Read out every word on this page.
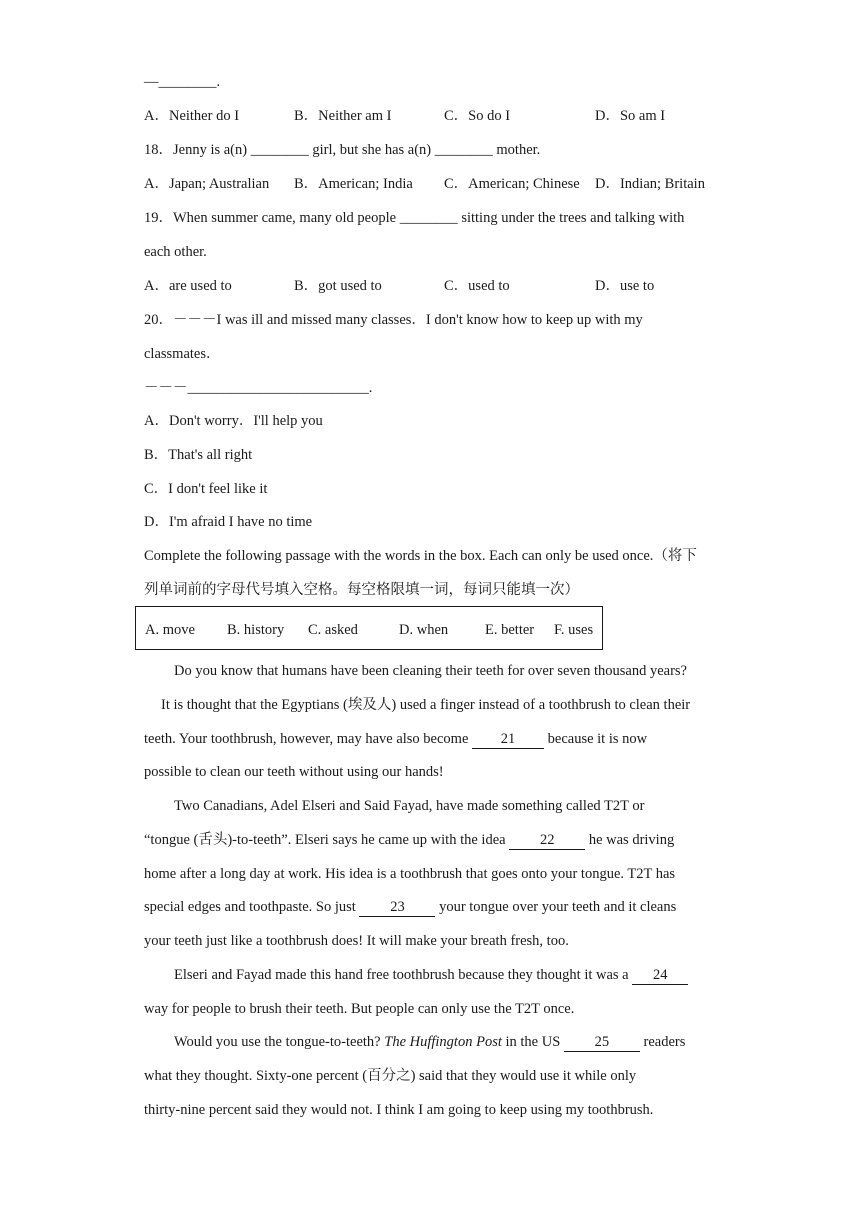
—________.
A．Neither do I	B．Neither am I	C．So do I	D．So am I
18．Jenny is a(n) ________ girl, but she has a(n) ________ mother.
A．Japan; Australian B．American; India C．American; Chinese D．Indian; Britain
19．When summer came, many old people ________ sitting under the trees and talking with
each other.
A．are used to	B．got used to	C．used to	D．use to
20．－－－I was ill and missed many classes．I don't know how to keep up with my
classmates．
－－－_________________________.
A．Don't worry．I'll help you
B．That's all right
C．I don't feel like it
D．I'm afraid I have no time
Complete the following passage with the words in the box. Each can only be used once.（将下
列单词前的字母代号填入空格。每空格限填一词，每词只能填一次）
A. move B. history C. asked	D. when	E. better F. uses
Do you know that humans have been cleaning their teeth for over seven thousand years?
It is thought that the Egyptians (埃及人) used a finger instead of a toothbrush to clean their
teeth. Your toothbrush, however, may have also become 21 because it is now
possible to clean our teeth without using our hands!
Two Canadians, Adel Elseri and Said Fayad, have made something called T2T or
“tongue (舌头)-to-teeth”. Elseri says he came up with the idea 22 he was driving
home after a long day at work. His idea is a toothbrush that goes onto your tongue. T2T has
special edges and toothpaste. So just 23 your tongue over your teeth and it cleans
your teeth just like a toothbrush does! It will make your breath fresh, too.
Elseri and Fayad made this hand free toothbrush because they thought it was a 24
way for people to brush their teeth. But people can only use the T2T once.
Would you use the tongue-to-teeth? The Huffington Post in the US 25 readers
what they thought. Sixty-one percent (百分之) said that they would use it while only
thirty-nine percent said they would not. I think I am going to keep using my toothbrush.
